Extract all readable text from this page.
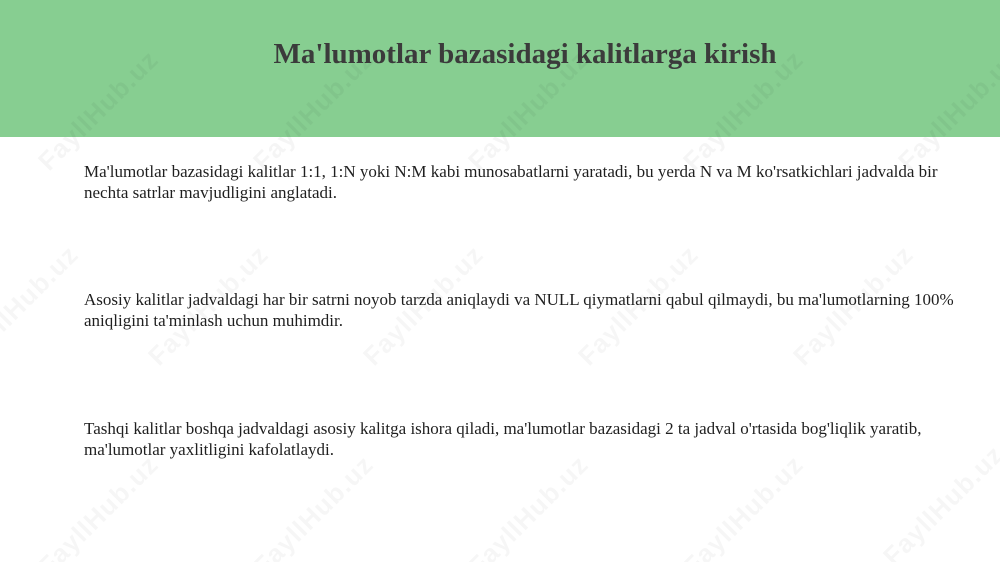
Ma'lumotlar bazasidagi kalitlarga kirish

Ma'lumotlar bazasidagi kalitlar 1:1, 1:N yoki N:M kabi munosabatlarni yaratadi, bu yerda N va M ko'rsatkichlari jadvalda bir nechta satrlar mavjudligini anglatadi.

Asosiy kalitlar jadvaldagi har bir satrni noyob tarzda aniqlaydi va NULL qiymatlarni qabul qilmaydi, bu ma'lumotlarning 100% aniqligini ta'minlash uchun muhimdir.

Tashqi kalitlar boshqa jadvaldagi asosiy kalitga ishora qiladi, ma'lumotlar bazasidagi 2 ta jadval o'rtasida bog'liqlik yaratib, ma'lumotlar yaxlitligini kafolatlaydi.
